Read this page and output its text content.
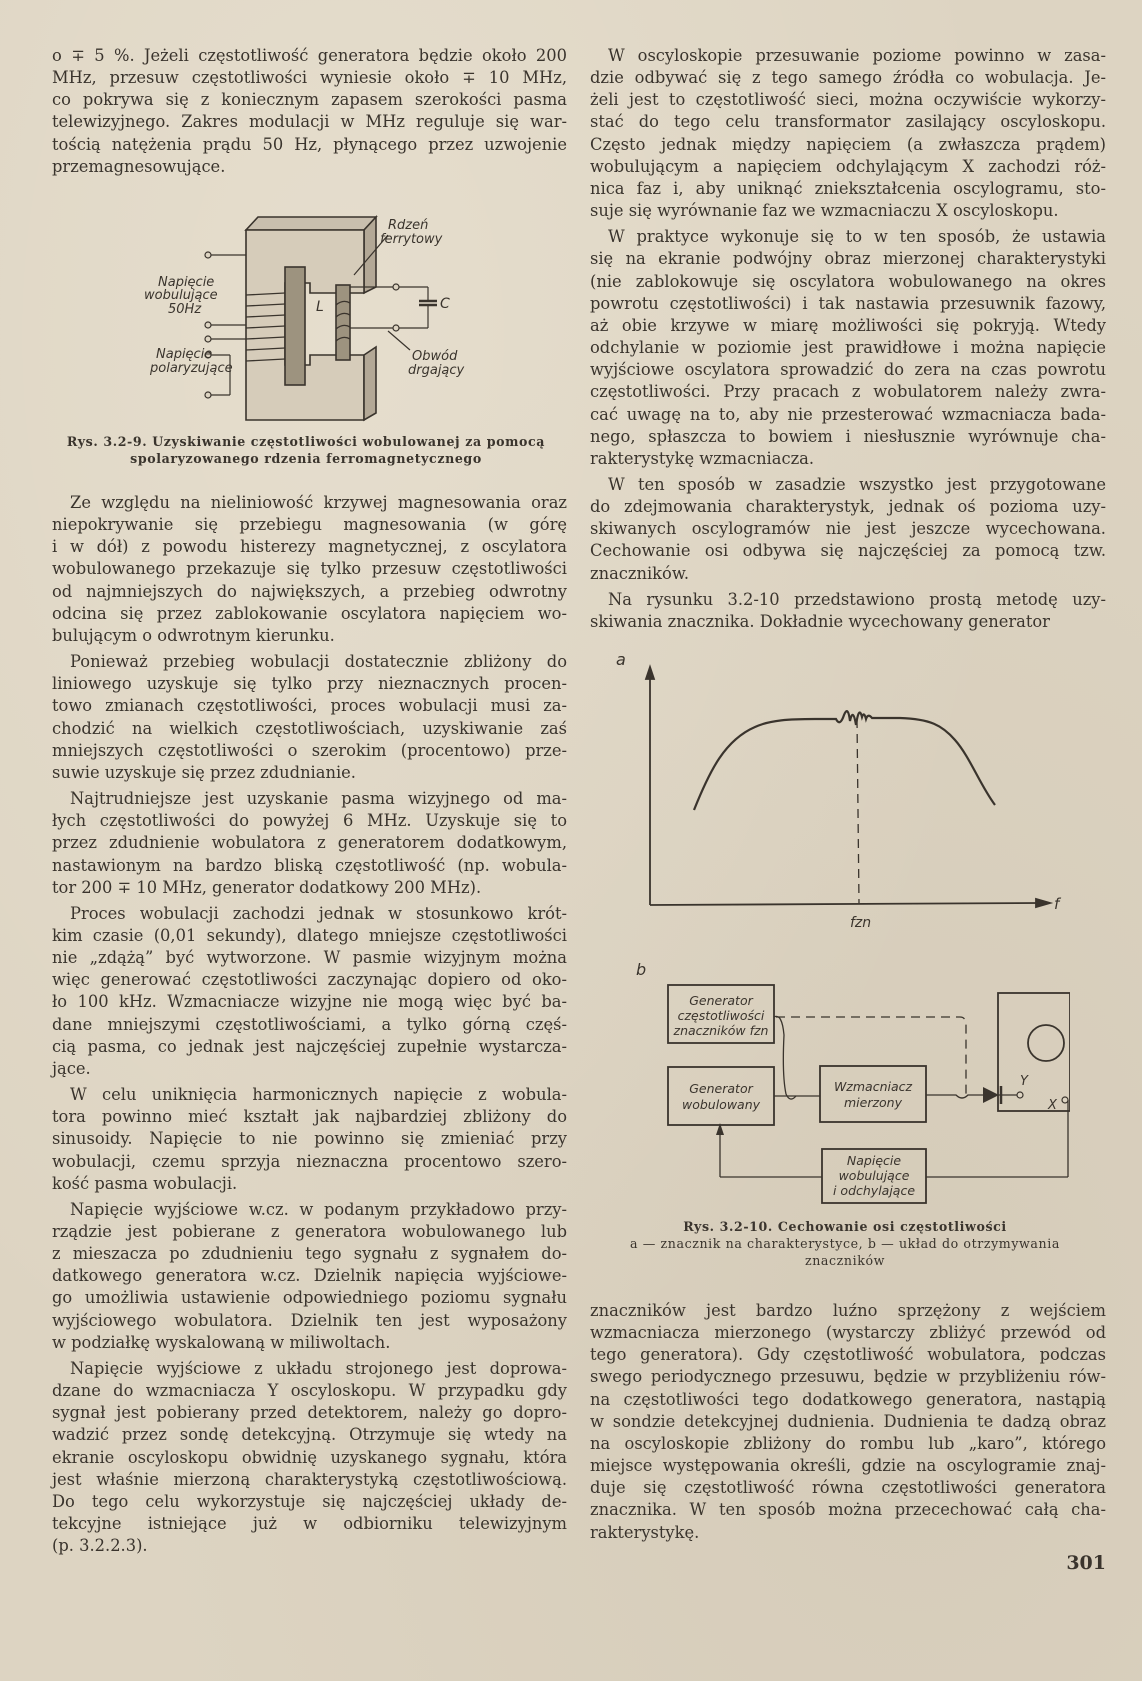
o ∓ 5 %. Jeżeli częstotliwość generatora będzie około 200
MHz, przesuw częstotliwości wyniesie około ∓ 10 MHz,
co pokrywa się z koniecznym zapasem szerokości pasma
telewizyjnego. Zakres modulacji w MHz reguluje się war-
tością natężenia prądu 50 Hz, płynącego przez uzwojenie
przemagnesowujące.
Rdzeń
ferrytowy
Napięcie
wobulujące
50Hz
Napięcie
polaryzujące
L	C
Obwód
drgający
Rys. 3.2-9. Uzyskiwanie częstotliwości wobulowanej za pomocą
spolaryzowanego rdzenia ferromagnetycznego
Ze względu na nieliniowość krzywej magnesowania oraz
niepokrywanie się przebiegu magnesowania (w górę
i w dół) z powodu histerezy magnetycznej, z oscylatora
wobulowanego przekazuje się tylko przesuw częstotliwości
od najmniejszych do największych, a przebieg odwrotny
odcina się przez zablokowanie oscylatora napięciem wo-
bulującym o odwrotnym kierunku.
Ponieważ przebieg wobulacji dostatecznie zbliżony do
liniowego uzyskuje się tylko przy nieznacznych procen-
towo zmianach częstotliwości, proces wobulacji musi za-
chodzić na wielkich częstotliwościach, uzyskiwanie zaś
mniejszych częstotliwości o szerokim (procentowo) prze-
suwie uzyskuje się przez zdudnianie.
Najtrudniejsze jest uzyskanie pasma wizyjnego od ma-
łych częstotliwości do powyżej 6 MHz. Uzyskuje się to
przez zdudnienie wobulatora z generatorem dodatkowym,
nastawionym na bardzo bliską częstotliwość (np. wobula-
tor 200 ∓ 10 MHz, generator dodatkowy 200 MHz).
Proces wobulacji zachodzi jednak w stosunkowo krót-
kim czasie (0,01 sekundy), dlatego mniejsze częstotliwości
nie „zdążą” być wytworzone. W pasmie wizyjnym można
więc generować częstotliwości zaczynając dopiero od oko-
ło 100 kHz. Wzmacniacze wizyjne nie mogą więc być ba-
dane mniejszymi częstotliwościami, a tylko górną częś-
cią pasma, co jednak jest najczęściej zupełnie wystarcza-
jące.
W celu uniknięcia harmonicznych napięcie z wobula-
tora powinno mieć kształt jak najbardziej zbliżony do
sinusoidy. Napięcie to nie powinno się zmieniać przy
wobulacji, czemu sprzyja nieznaczna procentowo szero-
kość pasma wobulacji.
Napięcie wyjściowe w.cz. w podanym przykładowo przy-
rządzie jest pobierane z generatora wobulowanego lub
z mieszacza po zdudnieniu tego sygnału z sygnałem do-
datkowego generatora w.cz. Dzielnik napięcia wyjściowe-
go umożliwia ustawienie odpowiedniego poziomu sygnału
wyjściowego wobulatora. Dzielnik ten jest wyposażony
w podziałkę wyskalowaną w miliwoltach.
Napięcie wyjściowe z układu strojonego jest doprowa-
dzane do wzmacniacza Y oscyloskopu. W przypadku gdy
sygnał jest pobierany przed detektorem, należy go dopro-
wadzić przez sondę detekcyjną. Otrzymuje się wtedy na
ekranie oscyloskopu obwidnię uzyskanego sygnału, która
jest właśnie mierzoną charakterystyką częstotliwościową.
Do tego celu wykorzystuje się najczęściej układy de-
tekcyjne istniejące już w odbiorniku telewizyjnym
(p. 3.2.2.3).
W oscyloskopie przesuwanie poziome powinno w zasa-
dzie odbywać się z tego samego źródła co wobulacja. Je-
żeli jest to częstotliwość sieci, można oczywiście wykorzy-
stać do tego celu transformator zasilający oscyloskopu.
Często jednak między napięciem (a zwłaszcza prądem)
wobulującym a napięciem odchylającym X zachodzi róż-
nica faz i, aby uniknąć zniekształcenia oscylogramu, sto-
suje się wyrównanie faz we wzmacniaczu X oscyloskopu.
W praktyce wykonuje się to w ten sposób, że ustawia
się na ekranie podwójny obraz mierzonej charakterystyki
(nie zablokowuje się oscylatora wobulowanego na okres
powrotu częstotliwości) i tak nastawia przesuwnik fazowy,
aż obie krzywe w miarę możliwości się pokryją. Wtedy
odchylanie w poziomie jest prawidłowe i można napięcie
wyjściowe oscylatora sprowadzić do zera na czas powrotu
częstotliwości. Przy pracach z wobulatorem należy zwra-
cać uwagę na to, aby nie przesterować wzmacniacza bada-
nego, spłaszcza to bowiem i niesłusznie wyrównuje cha-
rakterystykę wzmacniacza.
W ten sposób w zasadzie wszystko jest przygotowane
do zdejmowania charakterystyk, jednak oś pozioma uzy-
skiwanych oscylogramów nie jest jeszcze wycechowana.
Cechowanie osi odbywa się najczęściej za pomocą tzw.
znaczników.
Na rysunku 3.2-10 przedstawiono prostą metodę uzy-
skiwania znacznika. Dokładnie wycechowany generator
a
f
fzn
b
Y
Generator
częstotliwości
znaczników fzn
Generator
wobulowany
Wzmacniacz
mierzony
Napięcie
wobulujące
i odchylające
X
Rys. 3.2-10. Cechowanie osi częstotliwości
a — znacznik na charakterystyce, b — układ do otrzymywania
znaczników
znaczników jest bardzo luźno sprzężony z wejściem
wzmacniacza mierzonego (wystarczy zbliżyć przewód od
tego generatora). Gdy częstotliwość wobulatora, podczas
swego periodycznego przesuwu, będzie w przybliżeniu rów-
na częstotliwości tego dodatkowego generatora, nastąpią
w sondzie detekcyjnej dudnienia. Dudnienia te dadzą obraz
na oscyloskopie zbliżony do rombu lub „karo”, którego
miejsce występowania określi, gdzie na oscylogramie znaj-
duje się częstotliwość równa częstotliwości generatora
znacznika. W ten sposób można przecechować całą cha-
rakterystykę.
301
